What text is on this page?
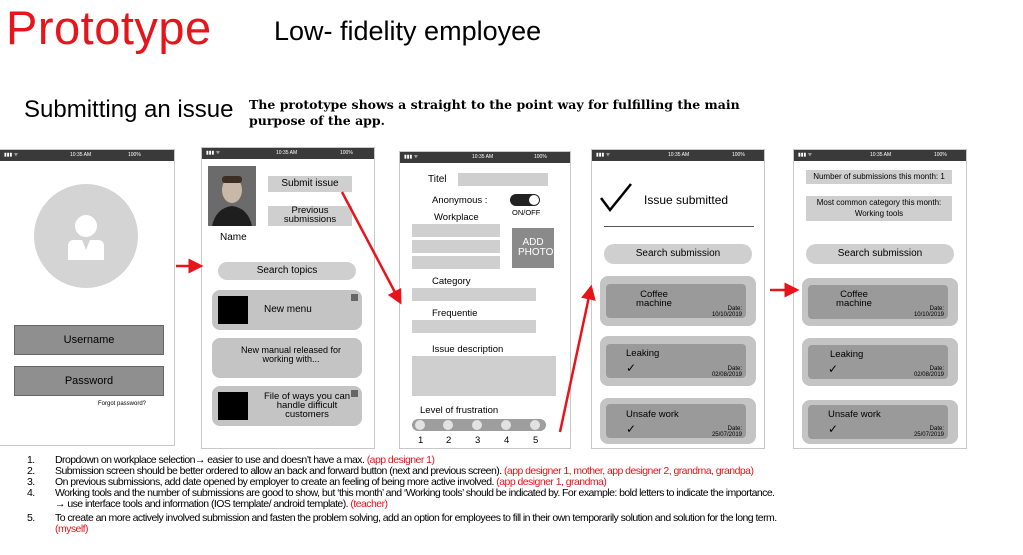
Prototype Low- fidelity employee
Submitting an issue The prototype shows a straight to the point way for fulfilling the main purpose of the app.
▮▮▮ ᯤ	10:35 AM	100%
Username
Password
Forgot password?
▮▮▮ ᯤ	10:35 AM	100%
Submit issue
Previous submissions
Name
Search topics
New menu
New manual released for working with...
File of ways you can handle difficult customers
▮▮▮ ᯤ	10:35 AM	100%
Titel
Anonymous :
ON/OFF
Workplace
ADD PHOTO
Category
Frequentie
Issue description
Level of frustration
1 2 3 4 5
▮▮▮ ᯤ	10:35 AM	100%
Issue submitted
Search submission
Coffee machine	Date:
10/10/2019
Leaking
✓	Date:
02/08/2019
Unsafe work
✓	Date:
25/07/2019
▮▮▮ ᯤ	10:35 AM	100%
Number of submissions this month: 1
Most common category this month: Working tools
Search submission
Coffee machine	Date:
10/10/2019
Leaking
✓	Date:
02/08/2019
Unsafe work
✓	Date:
25/07/2019
1.	Dropdown on workplace selection→ easier to use and doesn’t have a max. (app designer 1)
2.	Submission screen should be better ordered to allow an back and forward button (next and previous screen). (app designer 1, mother, app designer 2, grandma, grandpa)
3.	On previous submissions, add date opened by employer to create an feeling of being more active involved. (app designer 1, grandma)
4.	Working tools and the number of submissions are good to show, but ‘this month’ and ‘Working tools’ should be indicated by. For example: bold letters to indicate the importance.
→ use interface tools and information (IOS template/ android template). (teacher)
5.	To create an more actively involved submission and fasten the problem solving, add an option for employees to fill in their own temporarily solution and solution for the long term.
(myself)
